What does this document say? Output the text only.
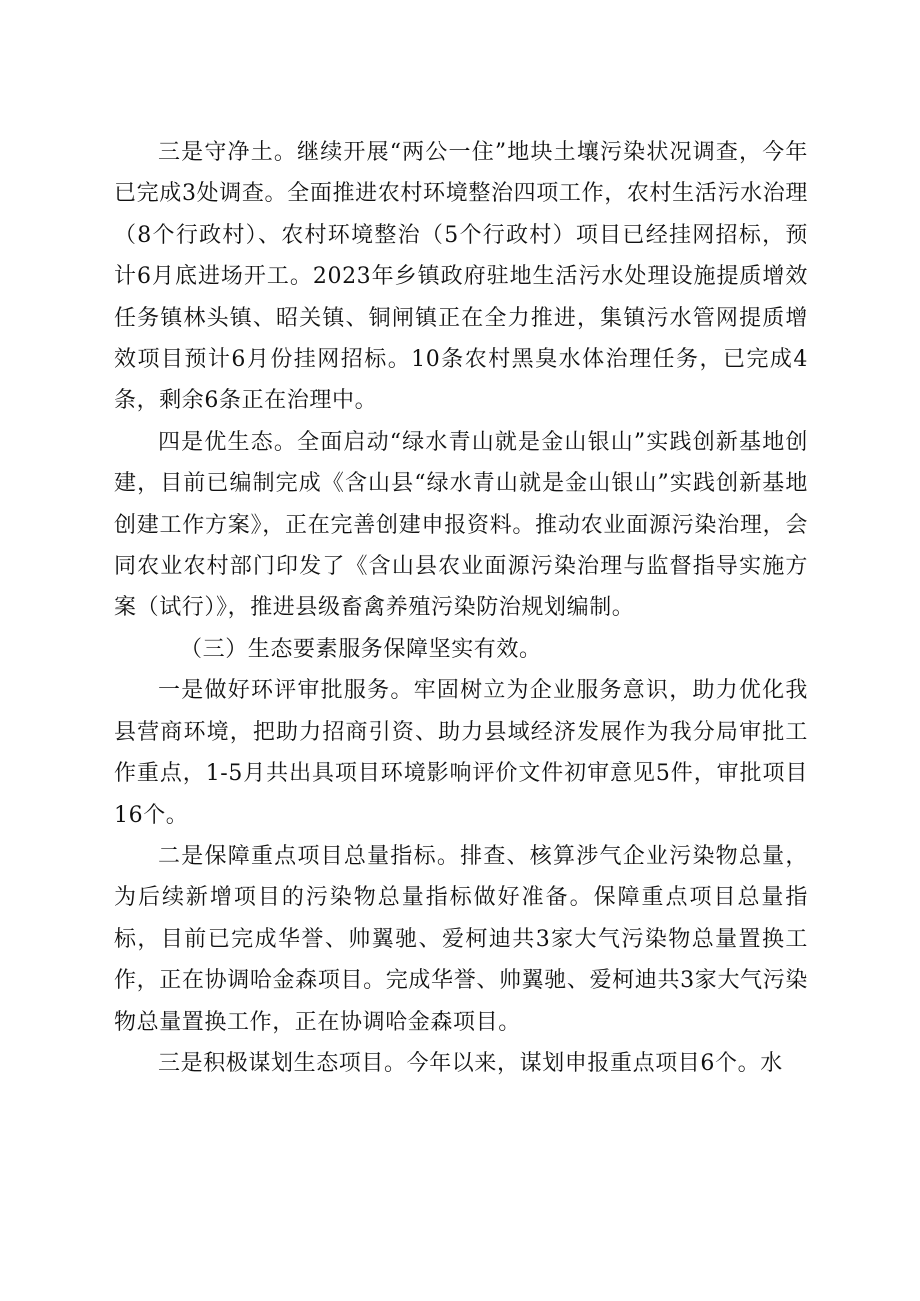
三是守净土。继续开展“两公一住”地块土壤污染状况调查，今年已完成3处调查。全面推进农村环境整治四项工作，农村生活污水治理（8个行政村）、农村环境整治（5个行政村）项目已经挂网招标，预计6月底进场开工。2023年乡镇政府驻地生活污水处理设施提质增效任务镇林头镇、昭关镇、铜闸镇正在全力推进，集镇污水管网提质增效项目预计6月份挂网招标。10条农村黑臭水体治理任务，已完成4条，剩余6条正在治理中。

四是优生态。全面启动“绿水青山就是金山银山”实践创新基地创建，目前已编制完成《含山县“绿水青山就是金山银山”实践创新基地创建工作方案》，正在完善创建申报资料。推动农业面源污染治理，会同农业农村部门印发了《含山县农业面源污染治理与监督指导实施方案（试行）》，推进县级畜禽养殖污染防治规划编制。

（三）生态要素服务保障坚实有效。

一是做好环评审批服务。牢固树立为企业服务意识，助力优化我县营商环境，把助力招商引资、助力县域经济发展作为我分局审批工作重点，1-5月共出具项目环境影响评价文件初审意见5件，审批项目16个。

二是保障重点项目总量指标。排查、核算涉气企业污染物总量，为后续新增项目的污染物总量指标做好准备。保障重点项目总量指标，目前已完成华誉、帅翼驰、爱柯迪共3家大气污染物总量置换工作，正在协调哈金森项目。完成华誉、帅翼驰、爱柯迪共3家大气污染物总量置换工作，正在协调哈金森项目。

三是积极谋划生态项目。今年以来，谋划申报重点项目6个。水
